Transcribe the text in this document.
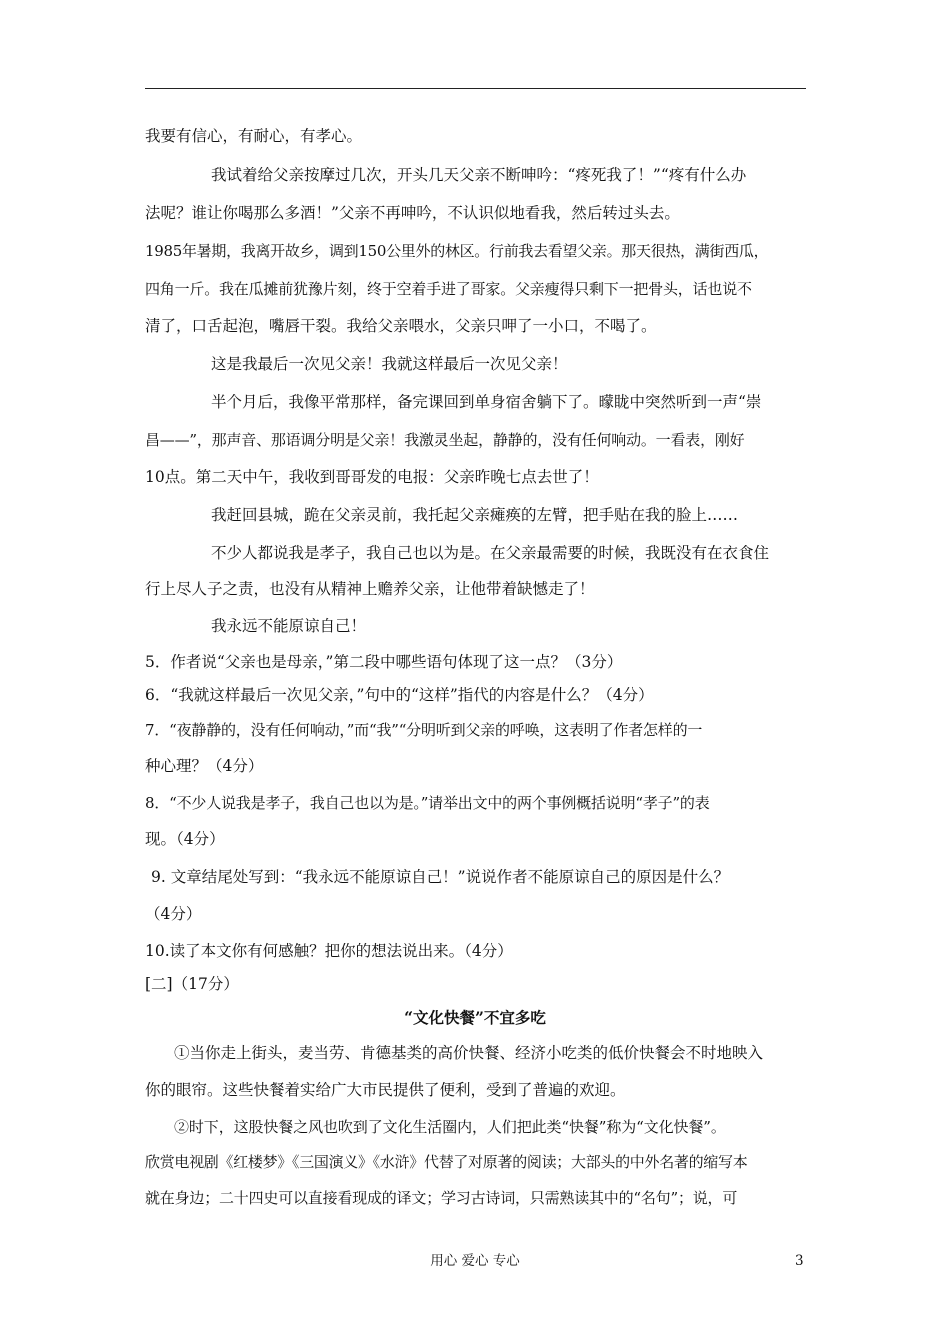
我要有信心，有耐心，有孝心。
我试着给父亲按摩过几次，开头几天父亲不断呻吟：“疼死我了！”“疼有什么办
法呢？谁让你喝那么多酒！”父亲不再呻吟，不认识似地看我，然后转过头去。
1985年暑期，我离开故乡，调到150公里外的林区。行前我去看望父亲。那天很热，满街西瓜，
四角一斤。我在瓜摊前犹豫片刻，终于空着手进了哥家。父亲瘦得只剩下一把骨头，话也说不
清了，口舌起泡，嘴唇干裂。我给父亲喂水，父亲只呷了一小口，不喝了。
这是我最后一次见父亲！我就这样最后一次见父亲！
半个月后，我像平常那样，备完课回到单身宿舍躺下了。曚眬中突然听到一声“崇
昌——”，那声音、那语调分明是父亲！我激灵坐起，静静的，没有任何响动。一看表，刚好
10点。第二天中午，我收到哥哥发的电报：父亲昨晚七点去世了！
我赶回县城，跪在父亲灵前，我托起父亲瘫痪的左臂，把手贴在我的脸上……
不少人都说我是孝子，我自己也以为是。在父亲最需要的时候，我既没有在衣食住
行上尽人子之责，也没有从精神上赡养父亲，让他带着缺憾走了！
我永远不能原谅自己！
5．作者说“父亲也是母亲，”第二段中哪些语句体现了这一点？（3分）
6．“我就这样最后一次见父亲，”句中的“这样”指代的内容是什么？（4分）
7．“夜静静的，没有任何响动，”而“我”“分明听到父亲的呼唤，这表明了作者怎样的一
种心理？（4分）
8．“不少人说我是孝子，我自己也以为是。”请举出文中的两个事例概括说明“孝子”的表
现。（4分）
9. 文章结尾处写到：“我永远不能原谅自己！”说说作者不能原谅自己的原因是什么？
（4分）
10.读了本文你有何感触？把你的想法说出来。（4分）
[二]（17分）
“文化快餐”不宜多吃
①当你走上街头，麦当劳、肯德基类的高价快餐、经济小吃类的低价快餐会不时地映入
你的眼帘。这些快餐着实给广大市民提供了便利，受到了普遍的欢迎。
②时下，这股快餐之风也吹到了文化生活圈内，人们把此类“快餐”称为“文化快餐”。
欣赏电视剧《红楼梦》《三国演义》《水浒》代替了对原著的阅读；大部头的中外名著的缩写本
就在身边；二十四史可以直接看现成的译文；学习古诗词，只需熟读其中的“名句”；说，可
用心 爱心 专心	3
